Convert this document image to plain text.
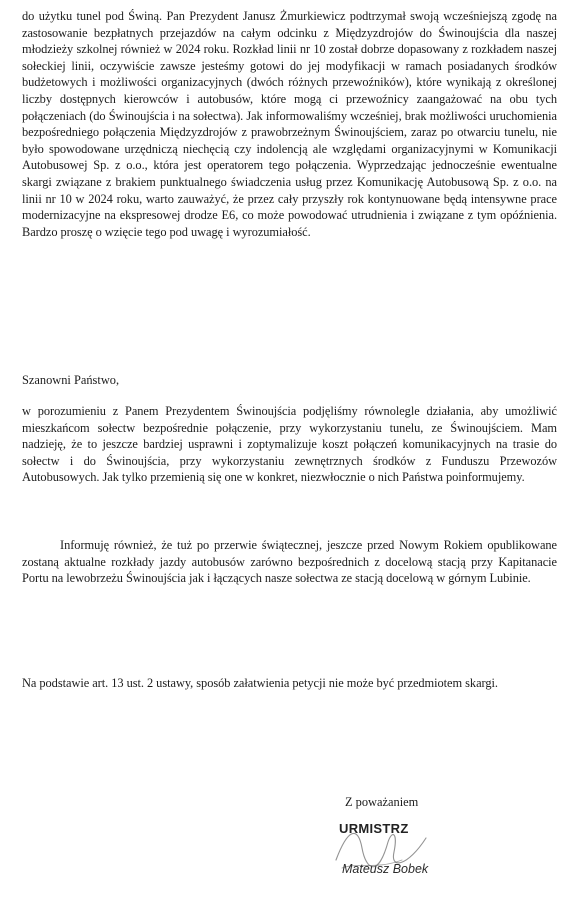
do użytku tunel pod Świną. Pan Prezydent Janusz Żmurkiewicz podtrzymał swoją wcześniejszą zgodę na zastosowanie bezpłatnych przejazdów na całym odcinku z Międzyzdrojów do Świnoujścia dla naszej młodzieży szkolnej również w 2024 roku. Rozkład linii nr 10 został dobrze dopasowany z rozkładem naszej sołeckiej linii, oczywiście zawsze jesteśmy gotowi do jej modyfikacji w ramach posiadanych środków budżetowych i możliwości organizacyjnych (dwóch różnych przewoźników), które wynikają z określonej liczby dostępnych kierowców i autobusów, które mogą ci przewoźnicy zaangażować na obu tych połączeniach (do Świnoujścia i na sołectwa). Jak informowaliśmy wcześniej, brak możliwości uruchomienia bezpośredniego połączenia Międzyzdrojów z prawobrzeżnym Świnoujściem, zaraz po otwarciu tunelu, nie było spowodowane urzędniczą niechęcią czy indolencją ale względami organizacyjnymi w Komunikacji Autobusowej Sp. z o.o., która jest operatorem tego połączenia. Wyprzedzając jednocześnie ewentualne skargi związane z brakiem punktualnego świadczenia usług przez Komunikację Autobusową Sp. z o.o. na linii nr 10 w 2024 roku, warto zauważyć, że przez cały przyszły rok kontynuowane będą intensywne prace modernizacyjne na ekspresowej drodze E6, co może powodować utrudnienia i związane z tym opóźnienia. Bardzo proszę o wzięcie tego pod uwagę i wyrozumiałość.
Szanowni Państwo,
w porozumieniu z Panem Prezydentem Świnoujścia podjęliśmy równolegle działania, aby umożliwić mieszkańcom sołectw bezpośrednie połączenie, przy wykorzystaniu tunelu, ze Świnoujściem. Mam nadzieję, że to jeszcze bardziej usprawni i zoptymalizuje koszt połączeń komunikacyjnych na trasie do sołectw i do Świnoujścia, przy wykorzystaniu zewnętrznych środków z Funduszu Przewozów Autobusowych. Jak tylko przemienią się one w konkret, niezwłocznie o nich Państwa poinformujemy.
Informuję również, że tuż po przerwie świątecznej, jeszcze przed Nowym Rokiem opublikowane zostaną aktualne rozkłady jazdy autobusów zarówno bezpośrednich z docelową stacją przy Kapitanacie Portu na lewobrzeżu Świnoujścia jak i łączących nasze sołectwa ze stacją docelową w górnym Lubinie.
Na podstawie art. 13 ust. 2 ustawy, sposób załatwienia petycji nie może być przedmiotem skargi.
Z poważaniem
URMISTRZ
Mateusz Bobek
